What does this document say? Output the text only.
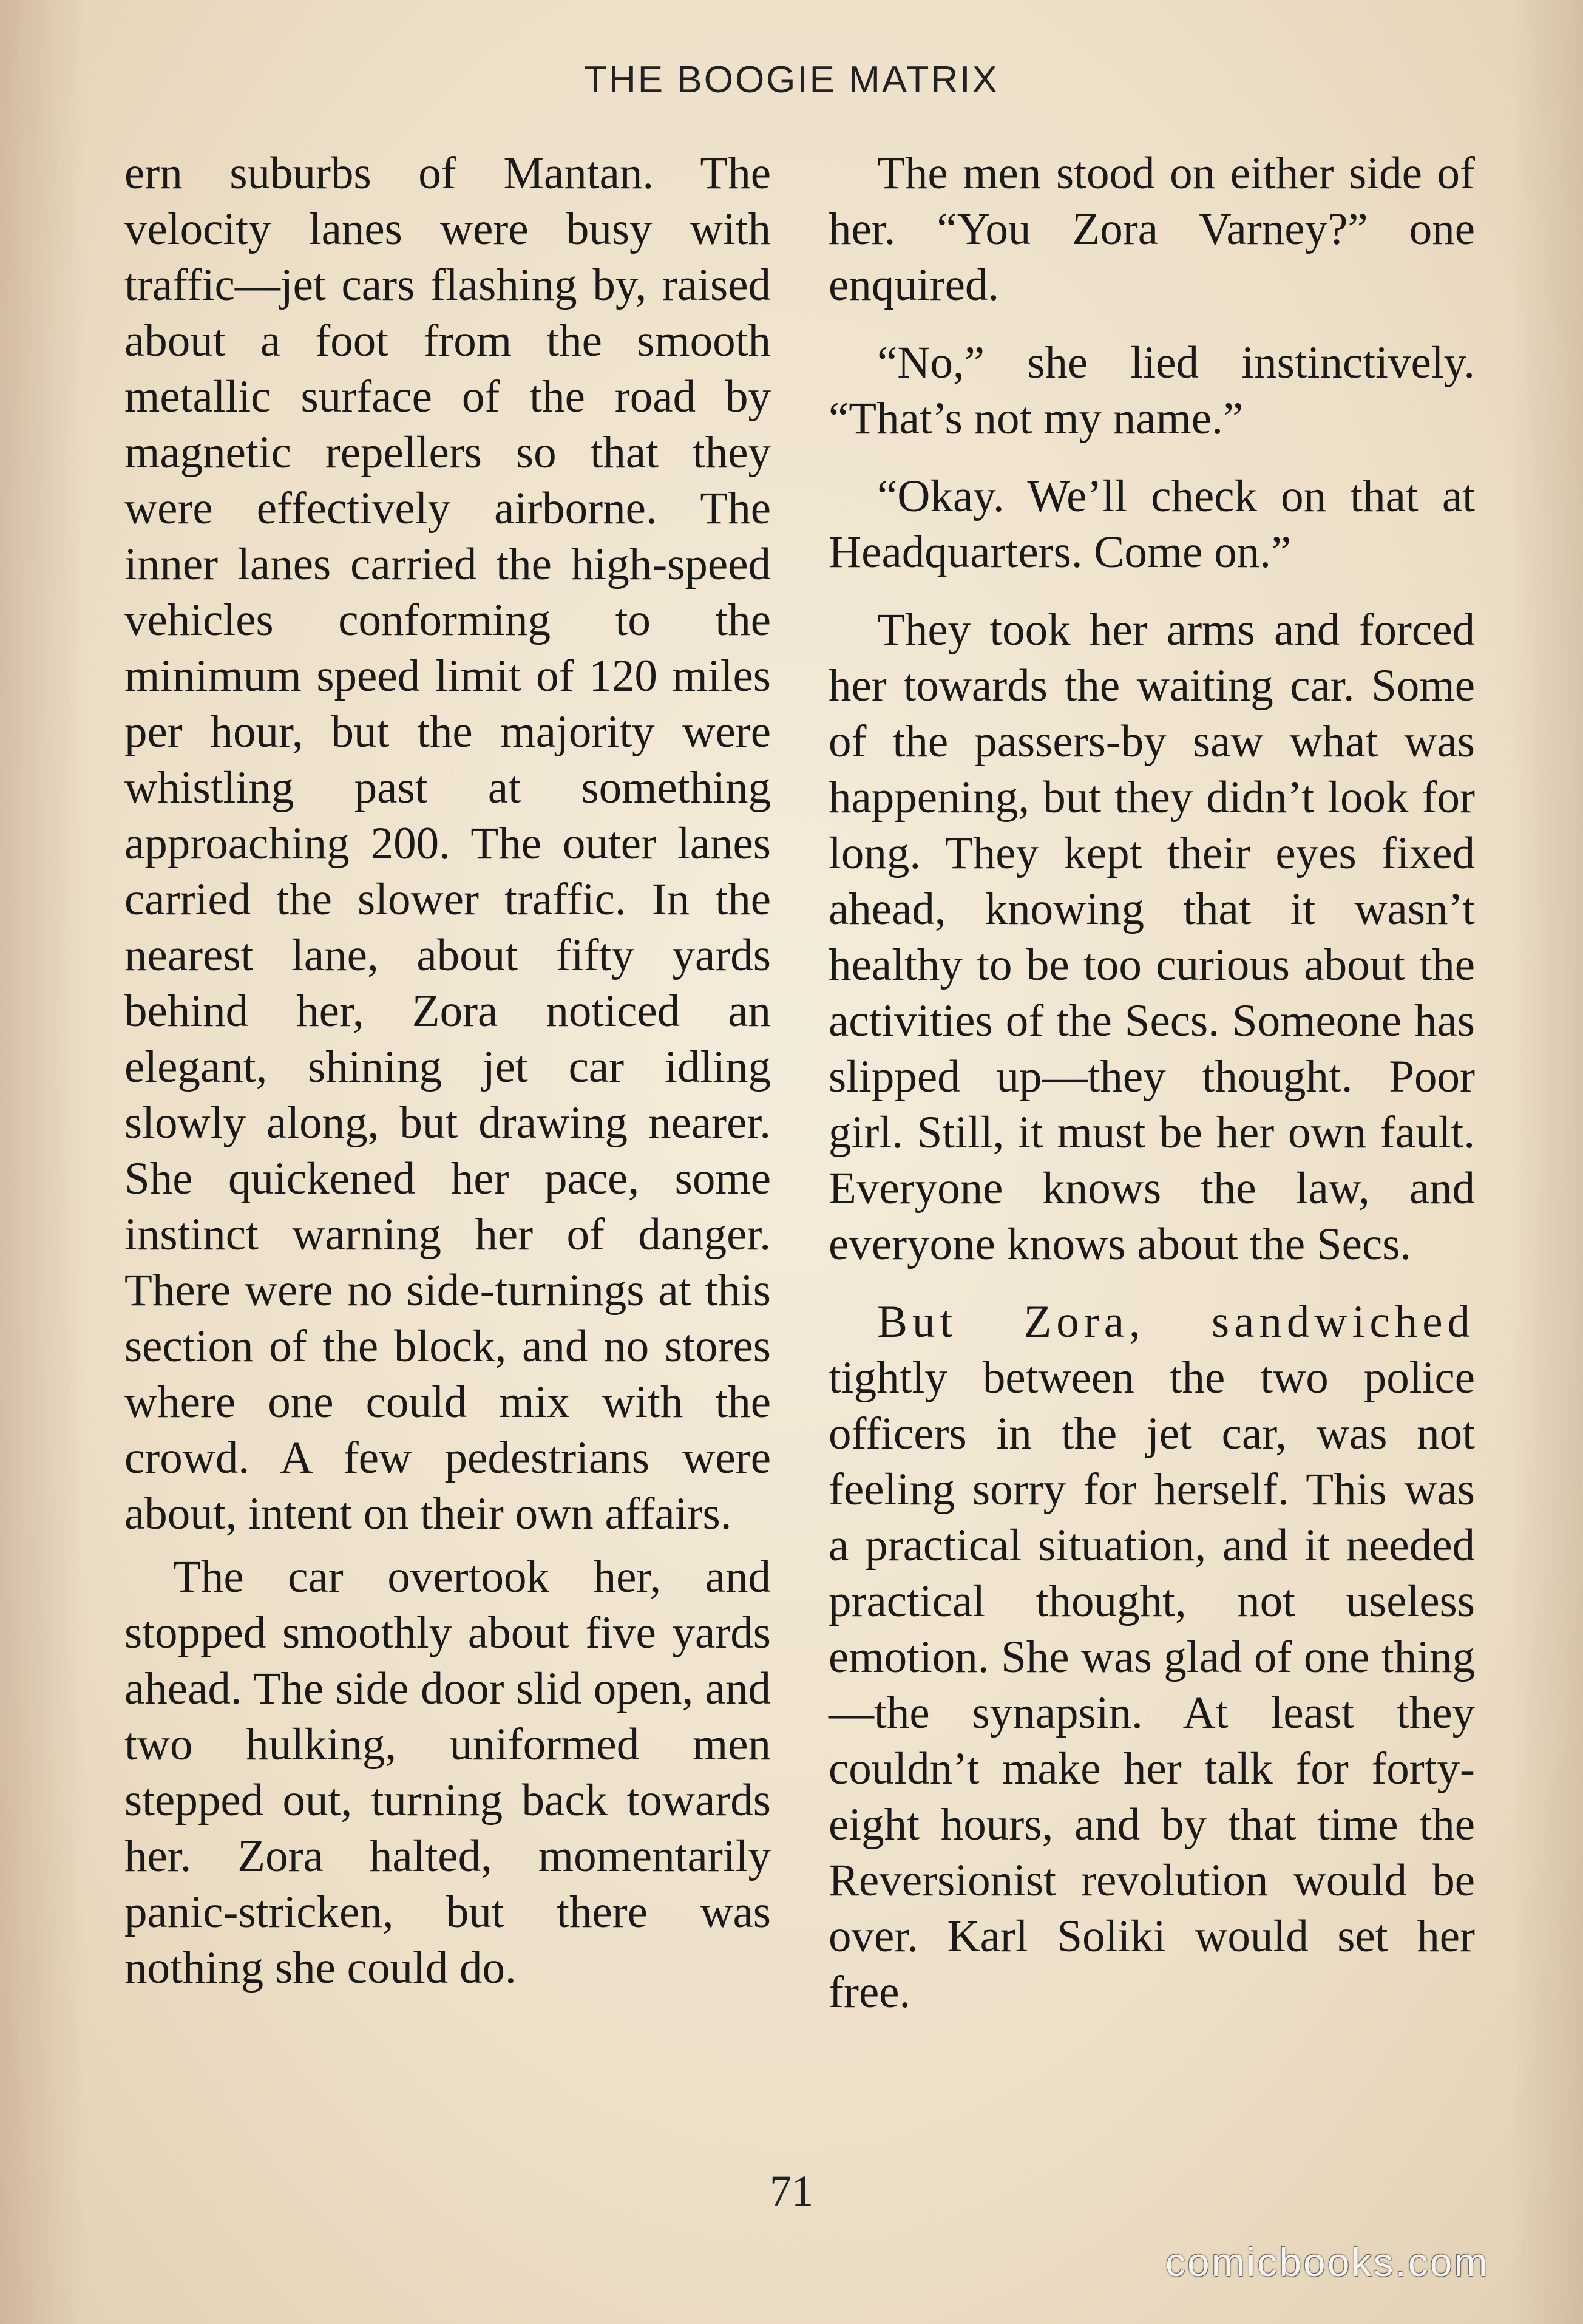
THE BOOGIE MATRIX

ern suburbs of Mantan. The velocity lanes were busy with traffic—jet cars flashing by, raised about a foot from the smooth metallic surface of the road by magnetic repellers so that they were effectively airborne. The inner lanes carried the high-speed vehicles conforming to the minimum speed limit of 120 miles per hour, but the majority were whistling past at something approaching 200. The outer lanes carried the slower traffic. In the nearest lane, about fifty yards behind her, Zora noticed an elegant, shining jet car idling slowly along, but drawing nearer. She quickened her pace, some instinct warning her of danger. There were no side-turnings at this section of the block, and no stores where one could mix with the crowd. A few pedestrians were about, intent on their own affairs.

The car overtook her, and stopped smoothly about five yards ahead. The side door slid open, and two hulking, uniformed men stepped out, turning back towards her. Zora halted, momentarily panic-stricken, but there was nothing she could do.

The men stood on either side of her. “You Zora Varney?” one enquired.

“No,” she lied instinctively. “That’s not my name.”

“Okay. We’ll check on that at Headquarters. Come on.”

They took her arms and forced her towards the waiting car. Some of the passers-by saw what was happening, but they didn’t look for long. They kept their eyes fixed ahead, knowing that it wasn’t healthy to be too curious about the activities of the Secs. Someone has slipped up—they thought. Poor girl. Still, it must be her own fault. Everyone knows the law, and everyone knows about the Secs.

But Zora, sandwiched tightly between the two police officers in the jet car, was not feeling sorry for herself. This was a practical situation, and it needed practical thought, not useless emotion. She was glad of one thing—the synapsin. At least they couldn’t make her talk for forty-eight hours, and by that time the Reversionist revolution would be over. Karl Soliki would set her free.

71
comicbooks.com
